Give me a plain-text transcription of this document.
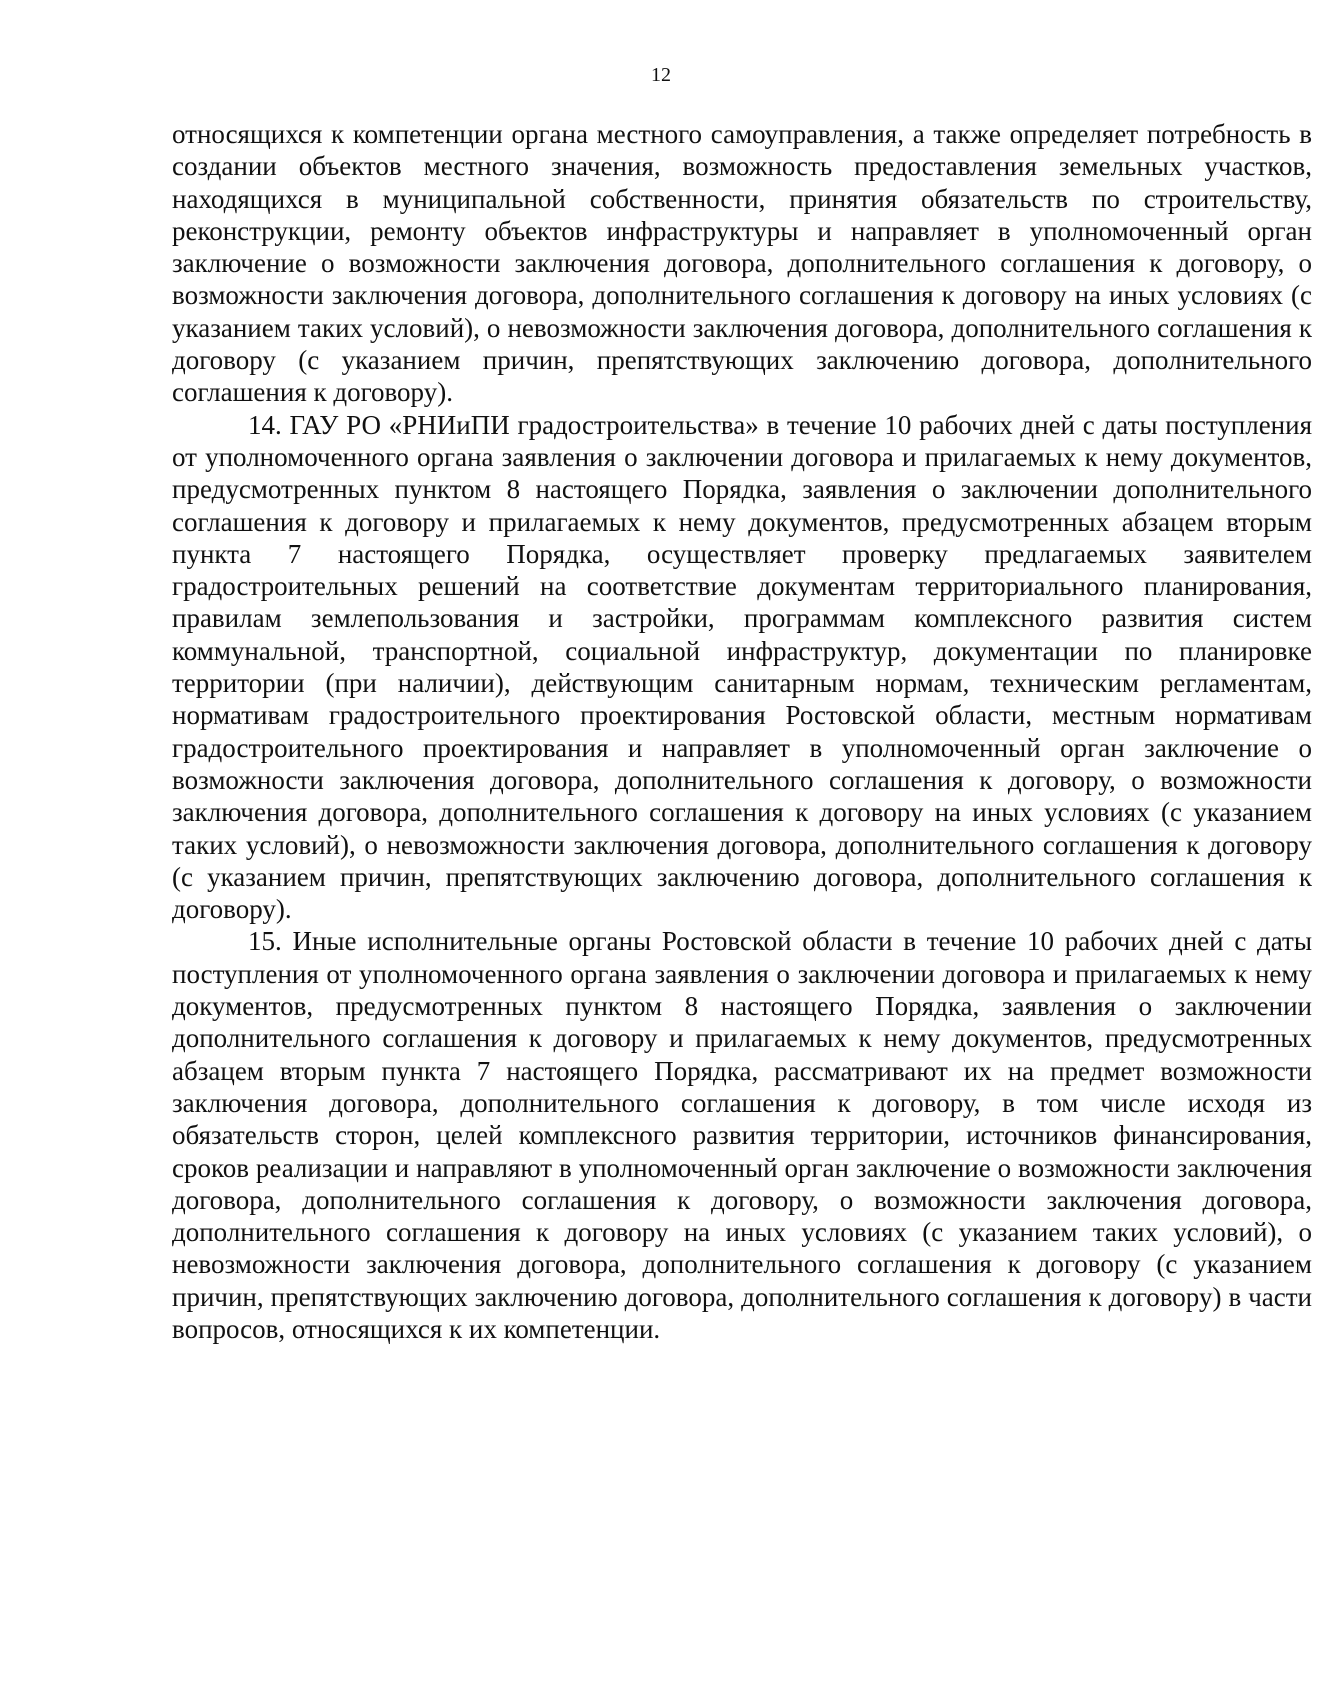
12

относящихся к компетенции органа местного самоуправления, а также определяет потребность в создании объектов местного значения, возможность предоставления земельных участков, находящихся в муниципальной собственности, принятия обязательств по строительству, реконструкции, ремонту объектов инфраструктуры и направляет в уполномоченный орган заключение о возможности заключения договора, дополнительного соглашения к договору, о возможности заключения договора, дополнительного соглашения к договору на иных условиях (с указанием таких условий), о невозможности заключения договора, дополнительного соглашения к договору (с указанием причин, препятствующих заключению договора, дополнительного соглашения к договору).

14. ГАУ РО «РНИиПИ градостроительства» в течение 10 рабочих дней с даты поступления от уполномоченного органа заявления о заключении договора и прилагаемых к нему документов, предусмотренных пунктом 8 настоящего Порядка, заявления о заключении дополнительного соглашения к договору и прилагаемых к нему документов, предусмотренных абзацем вторым пункта 7 настоящего Порядка, осуществляет проверку предлагаемых заявителем градостроительных решений на соответствие документам территориального планирования, правилам землепользования и застройки, программам комплексного развития систем коммунальной, транспортной, социальной инфраструктур, документации по планировке территории (при наличии), действующим санитарным нормам, техническим регламентам, нормативам градостроительного проектирования Ростовской области, местным нормативам градостроительного проектирования и направляет в уполномоченный орган заключение о возможности заключения договора, дополнительного соглашения к договору, о возможности заключения договора, дополнительного соглашения к договору на иных условиях (с указанием таких условий), о невозможности заключения договора, дополнительного соглашения к договору (с указанием причин, препятствующих заключению договора, дополнительного соглашения к договору).

15. Иные исполнительные органы Ростовской области в течение 10 рабочих дней с даты поступления от уполномоченного органа заявления о заключении договора и прилагаемых к нему документов, предусмотренных пунктом 8 настоящего Порядка, заявления о заключении дополнительного соглашения к договору и прилагаемых к нему документов, предусмотренных абзацем вторым пункта 7 настоящего Порядка, рассматривают их на предмет возможности заключения договора, дополнительного соглашения к договору, в том числе исходя из обязательств сторон, целей комплексного развития территории, источников финансирования, сроков реализации и направляют в уполномоченный орган заключение о возможности заключения договора, дополнительного соглашения к договору, о возможности заключения договора, дополнительного соглашения к договору на иных условиях (с указанием таких условий), о невозможности заключения договора, дополнительного соглашения к договору (с указанием причин, препятствующих заключению договора, дополнительного соглашения к договору) в части вопросов, относящихся к их компетенции.
